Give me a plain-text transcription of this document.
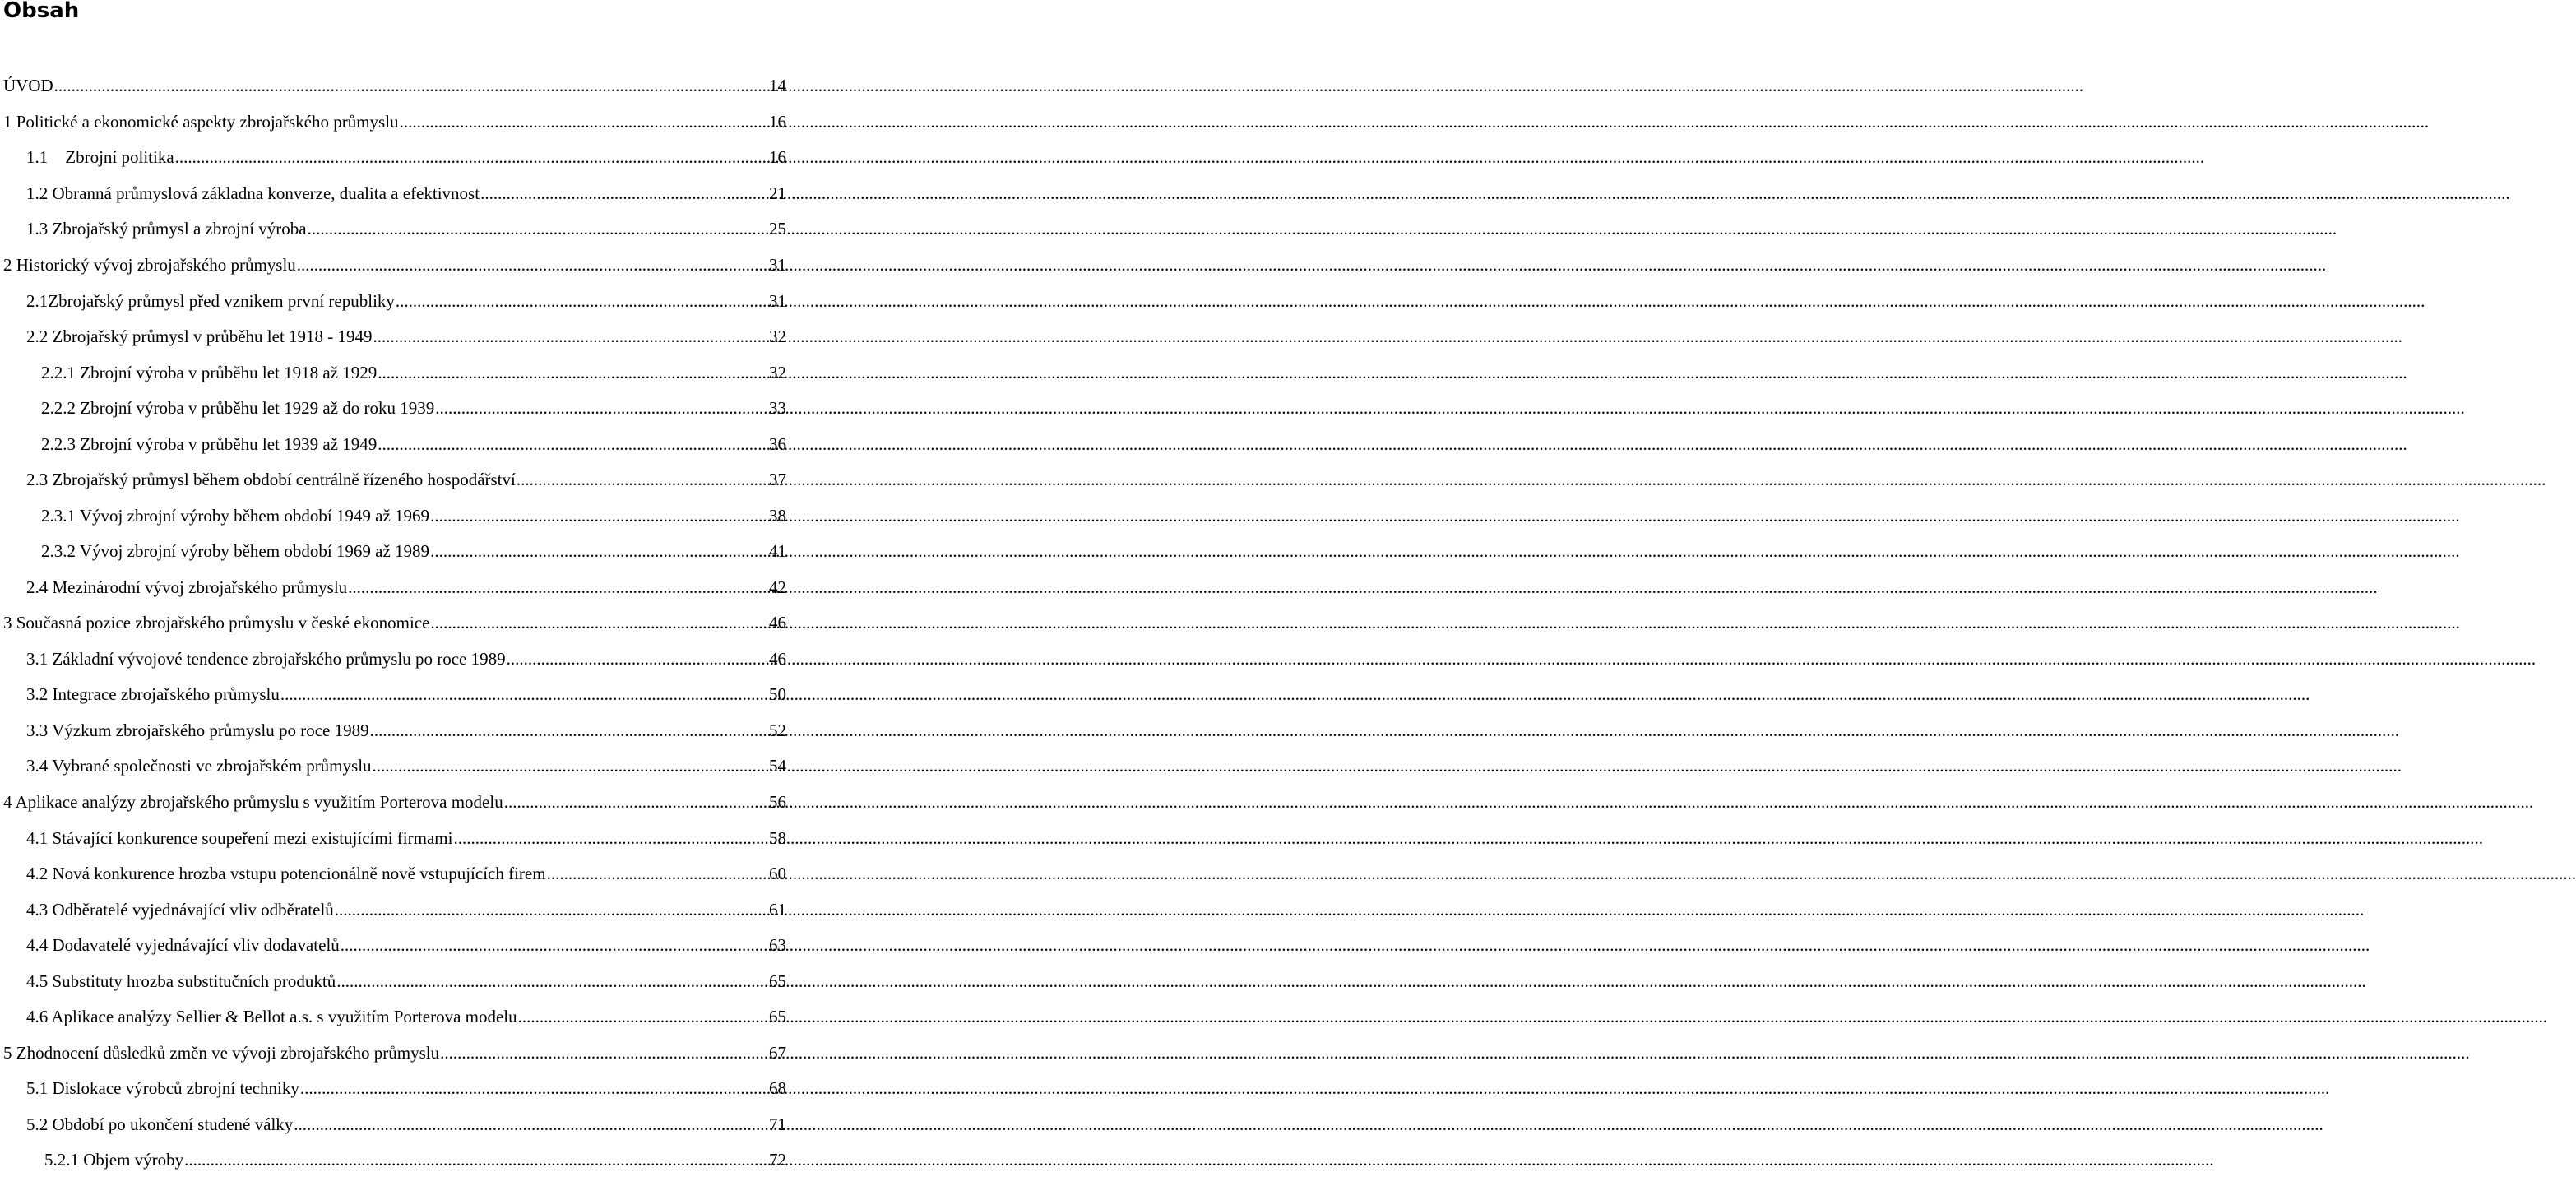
Obsah
ÚVOD .....	14
1 Politické a ekonomické aspekty zbrojařského průmyslu .....	16
1.1    Zbrojní politika .....	16
1.2 Obranná průmyslová základna konverze, dualita a efektivnost .....	21
1.3 Zbrojařský průmysl a zbrojní výroba .....	25
2 Historický vývoj zbrojařského průmyslu .....	31
2.1Zbrojařský průmysl před vznikem první republiky .....	31
2.2 Zbrojařský průmysl v průběhu let 1918 - 1949 .....	32
2.2.1 Zbrojní výroba v průběhu let 1918 až 1929 .....	32
2.2.2 Zbrojní výroba v průběhu let 1929 až do roku 1939 .....	33
2.2.3 Zbrojní výroba v průběhu let 1939 až 1949 .....	36
2.3 Zbrojařský průmysl během období centrálně řízeného hospodářství .....	37
2.3.1 Vývoj zbrojní výroby během období 1949 až 1969 .....	38
2.3.2 Vývoj zbrojní výroby během období 1969 až 1989 .....	41
2.4 Mezinárodní vývoj zbrojařského průmyslu .....	42
3 Současná pozice zbrojařského průmyslu v české ekonomice .....	46
3.1 Základní vývojové tendence zbrojařského průmyslu po roce 1989 .....	46
3.2 Integrace zbrojařského průmyslu .....	50
3.3 Výzkum zbrojařského průmyslu po roce 1989 .....	52
3.4 Vybrané společnosti ve zbrojařském průmyslu .....	54
4 Aplikace analýzy zbrojařského průmyslu s využitím Porterova modelu .....	56
4.1 Stávající konkurence soupeření mezi existujícími firmami .....	58
4.2 Nová konkurence hrozba vstupu potencionálně nově vstupujících firem .....	60
4.3 Odběratelé vyjednávající vliv odběratelů .....	61
4.4 Dodavatelé vyjednávající vliv dodavatelů .....	63
4.5 Substituty hrozba substitučních produktů .....	65
4.6 Aplikace analýzy Sellier & Bellot a.s. s využitím Porterova modelu .....	65
5 Zhodnocení důsledků změn ve vývoji zbrojařského průmyslu .....	67
5.1 Dislokace výrobců zbrojní techniky .....	68
5.2 Období po ukončení studené války .....	71
5.2.1 Objem výroby .....	72
